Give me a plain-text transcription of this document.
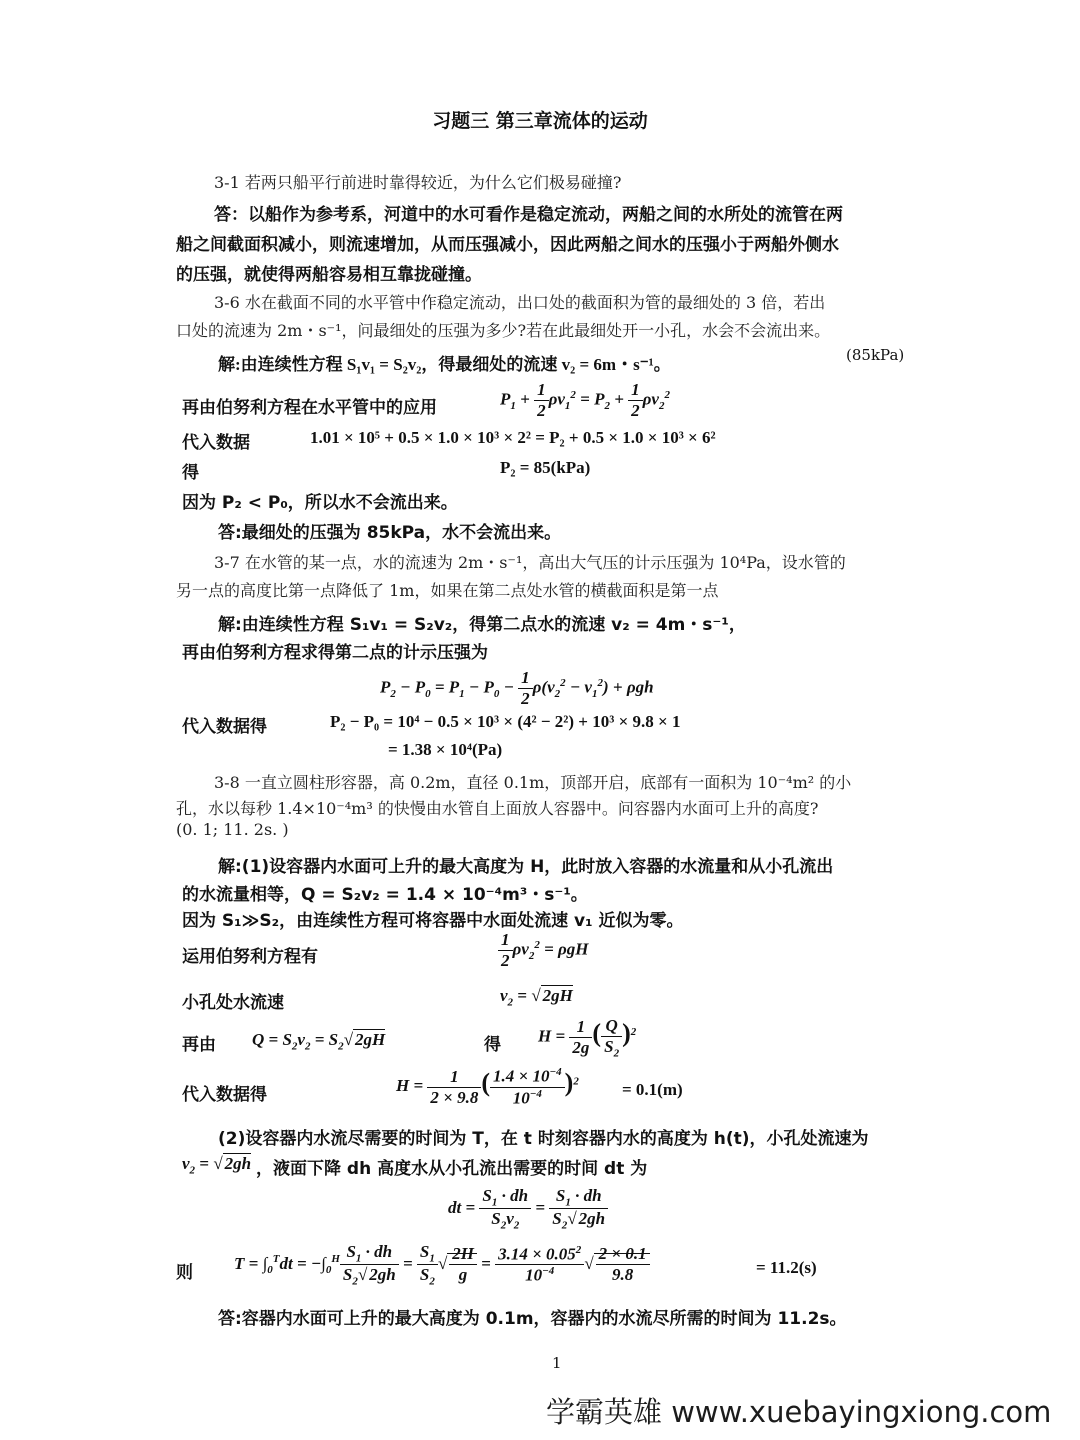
习题三 第三章流体的运动
3-1 若两只船平行前进时靠得较近，为什么它们极易碰撞?
答：以船作为参考系，河道中的水可看作是稳定流动，两船之间的水所处的流管在两
船之间截面积减小，则流速增加，从而压强减小，因此两船之间水的压强小于两船外侧水
的压强，就使得两船容易相互靠拢碰撞。
3-6 水在截面不同的水平管中作稳定流动，出口处的截面积为管的最细处的 3 倍，若出
口处的流速为 2m・s⁻¹，问最细处的压强为多少?若在此最细处开一小孔，水会不会流出来。
解:由连续性方程 S₁v₁ = S₂v₂，得最细处的流速 v₂ = 6m・s⁻¹。	(85kPa)
再由伯努利方程在水平管中的应用	$P_1 + \frac{1}{2} \rho v_1^2 = P_2 + \frac{1}{2} \rho v_2^2$
代入数据	1.01 × 10⁵ + 0.5 × 1.0 × 10³ × 2² = P₂ + 0.5 × 1.0 × 10³ × 6²
得	P₂ = 85(kPa)
因为 P₂ < P₀，所以水不会流出来。
答:最细处的压强为 85kPa，水不会流出来。
3-7 在水管的某一点，水的流速为 2m・s⁻¹，高出大气压的计示压强为 10⁴Pa，设水管的
另一点的高度比第一点降低了 1m，如果在第二点处水管的横截面积是第一点
解:由连续性方程 S₁v₁ = S₂v₂，得第二点水的流速 v₂ = 4m・s⁻¹，
再由伯努利方程求得第二点的计示压强为
$P_2 - P_0 = P_1 - P_0 - \frac{1}{2} \rho(v_2^2 - v_1^2) + \rho gh$
代入数据得	P₂ − P₀ = 10⁴ − 0.5 × 10³ × (4² − 2²) + 10³ × 9.8 × 1
= 1.38 × 10⁴(Pa)
3-8 一直立圆柱形容器，高 0.2m，直径 0.1m，顶部开启，底部有一面积为 10⁻⁴m² 的小
孔，水以每秒 1.4×10⁻⁴m³ 的快慢由水管自上面放人容器中。问容器内水面可上升的高度?
(0. 1; 11. 2s. )
解:(1)设容器内水面可上升的最大高度为 H，此时放入容器的水流量和从小孔流出
的水流量相等，Q = S₂v₂ = 1.4 × 10⁻⁴m³・s⁻¹。
因为 S₁≫S₂，由连续性方程可将容器中水面处流速 v₁ 近似为零。
运用伯努利方程有	$\frac{1}{2} \rho v_2^2 = \rho gH$
小孔处水流速	$v_2$ = √ 2gH
再由 $Q = S_2v_2 = S_2√$ 2gH	得 $H = \frac{1}{2g}$ ( $\frac{Q}{S_2} )^2$
代入数据得	$H = \frac{1}{2 \times 9.8}$ ( $\frac{1.4 \times 10^{-4}}{10^{-4}} )^2$	= 0.1(m)
(2)设容器内水流尽需要的时间为 T，在 t 时刻容器内水的高度为 h(t)，小孔处流速为
$v_2$ = √ 2gh ，液面下降 dh 高度水从小孔流出需要的时间 dt 为
dt = $\frac{S_1 \cdot dh}{S_2v_2} = \frac{S_1 \cdot dh}{S_2√ 2gh}$
则 $T = \int_0^Tdt = -\int_0^H \frac{S_1 \cdot dh}{S_2√ 2gh} = \frac{S_1}{S_2}$ √ $\frac{2H}{g} = \frac{3.14 \times 0.05^2}{10^{-4}}$ √ $\frac{2 \times 0.1}{9.8}$	= 11.2(s)
答:容器内水面可上升的最大高度为 0.1m，容器内的水流尽所需的时间为 11.2s。
1
学霸英雄 www.xuebayingxiong.com
